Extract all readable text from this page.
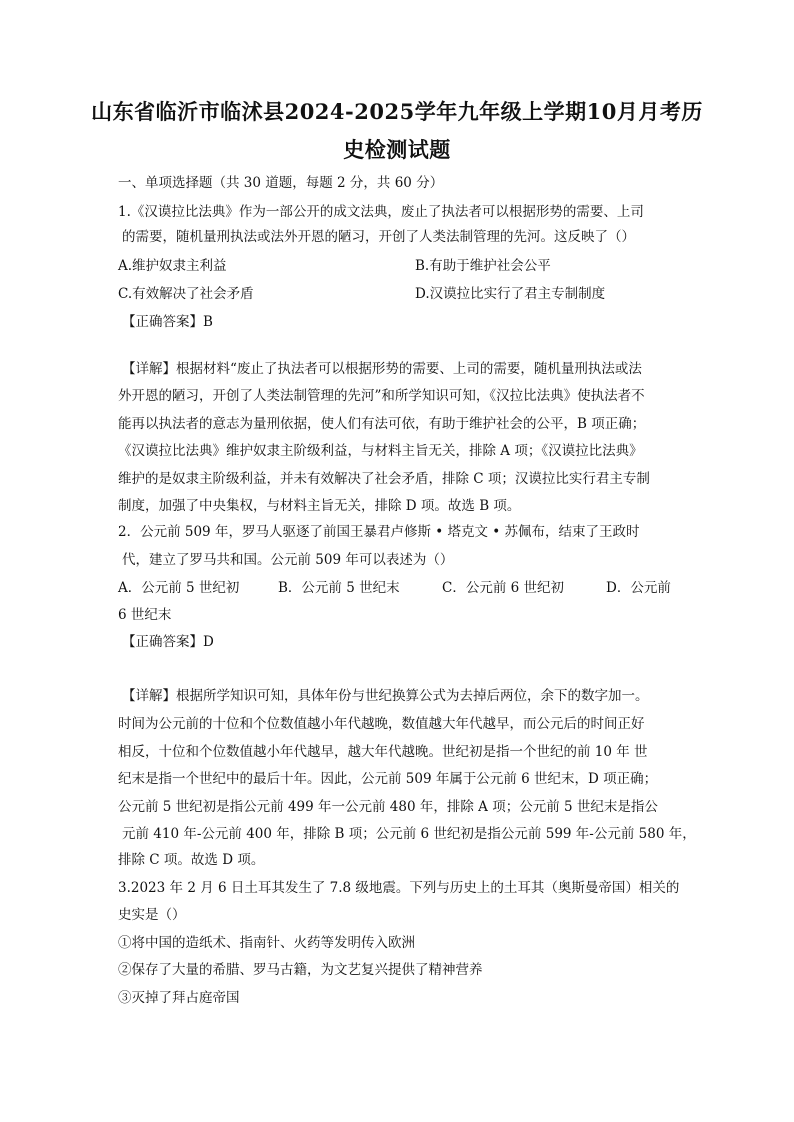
山东省临沂市临沭县2024-2025学年九年级上学期10月月考历
史检测试题
一、单项选择题（共 30 道题，每题 2 分，共 60 分）
1.《汉谟拉比法典》作为一部公开的成文法典，废止了执法者可以根据形势的需要、上司
的需要，随机量刑执法或法外开恩的陋习，开创了人类法制管理的先河。这反映了（）
A.维护奴隶主利益	B.有助于维护社会公平
C.有效解决了社会矛盾	D.汉谟拉比实行了君主专制制度
【正确答案】B
【详解】根据材料“废止了执法者可以根据形势的需要、上司的需要，随机量刑执法或法
外开恩的陋习，开创了人类法制管理的先河”和所学知识可知，《汉拉比法典》使执法者不
能再以执法者的意志为量刑依据，使人们有法可依，有助于维护社会的公平，B 项正确；
《汉谟拉比法典》维护奴隶主阶级利益，与材料主旨无关，排除 A 项；《汉谟拉比法典》
维护的是奴隶主阶级利益，并未有效解决了社会矛盾，排除 C 项；汉谟拉比实行君主专制
制度，加强了中央集权，与材料主旨无关，排除 D 项。故选 B 项。
2．公元前 509 年，罗马人驱逐了前国王暴君卢修斯 • 塔克文 • 苏佩布，结束了王政时
代，建立了罗马共和国。公元前 509 年可以表述为（）
A．公元前 5 世纪初	B．公元前 5 世纪末	C．公元前 6 世纪初	D．公元前
6 世纪末
【正确答案】D
【详解】根据所学知识可知，具体年份与世纪换算公式为去掉后两位，余下的数字加一。
时间为公元前的十位和个位数值越小年代越晚，数值越大年代越早，而公元后的时间正好
相反，十位和个位数值越小年代越早，越大年代越晚。世纪初是指一个世纪的前 10 年 世
纪末是指一个世纪中的最后十年。因此，公元前 509 年属于公元前 6 世纪末，D 项正确；
公元前 5 世纪初是指公元前 499 年一公元前 480 年，排除 A 项；公元前 5 世纪末是指公
元前 410 年-公元前 400 年，排除 B 项；公元前 6 世纪初是指公元前 599 年-公元前 580 年，
排除 C 项。故选 D 项。
3.2023 年 2 月 6 日土耳其发生了 7.8 级地震。下列与历史上的土耳其（奥斯曼帝国）相关的
史实是（）
①将中国的造纸术、指南针、火药等发明传入欧洲
②保存了大量的希腊、罗马古籍，为文艺复兴提供了精神营养
③灭掉了拜占庭帝国
